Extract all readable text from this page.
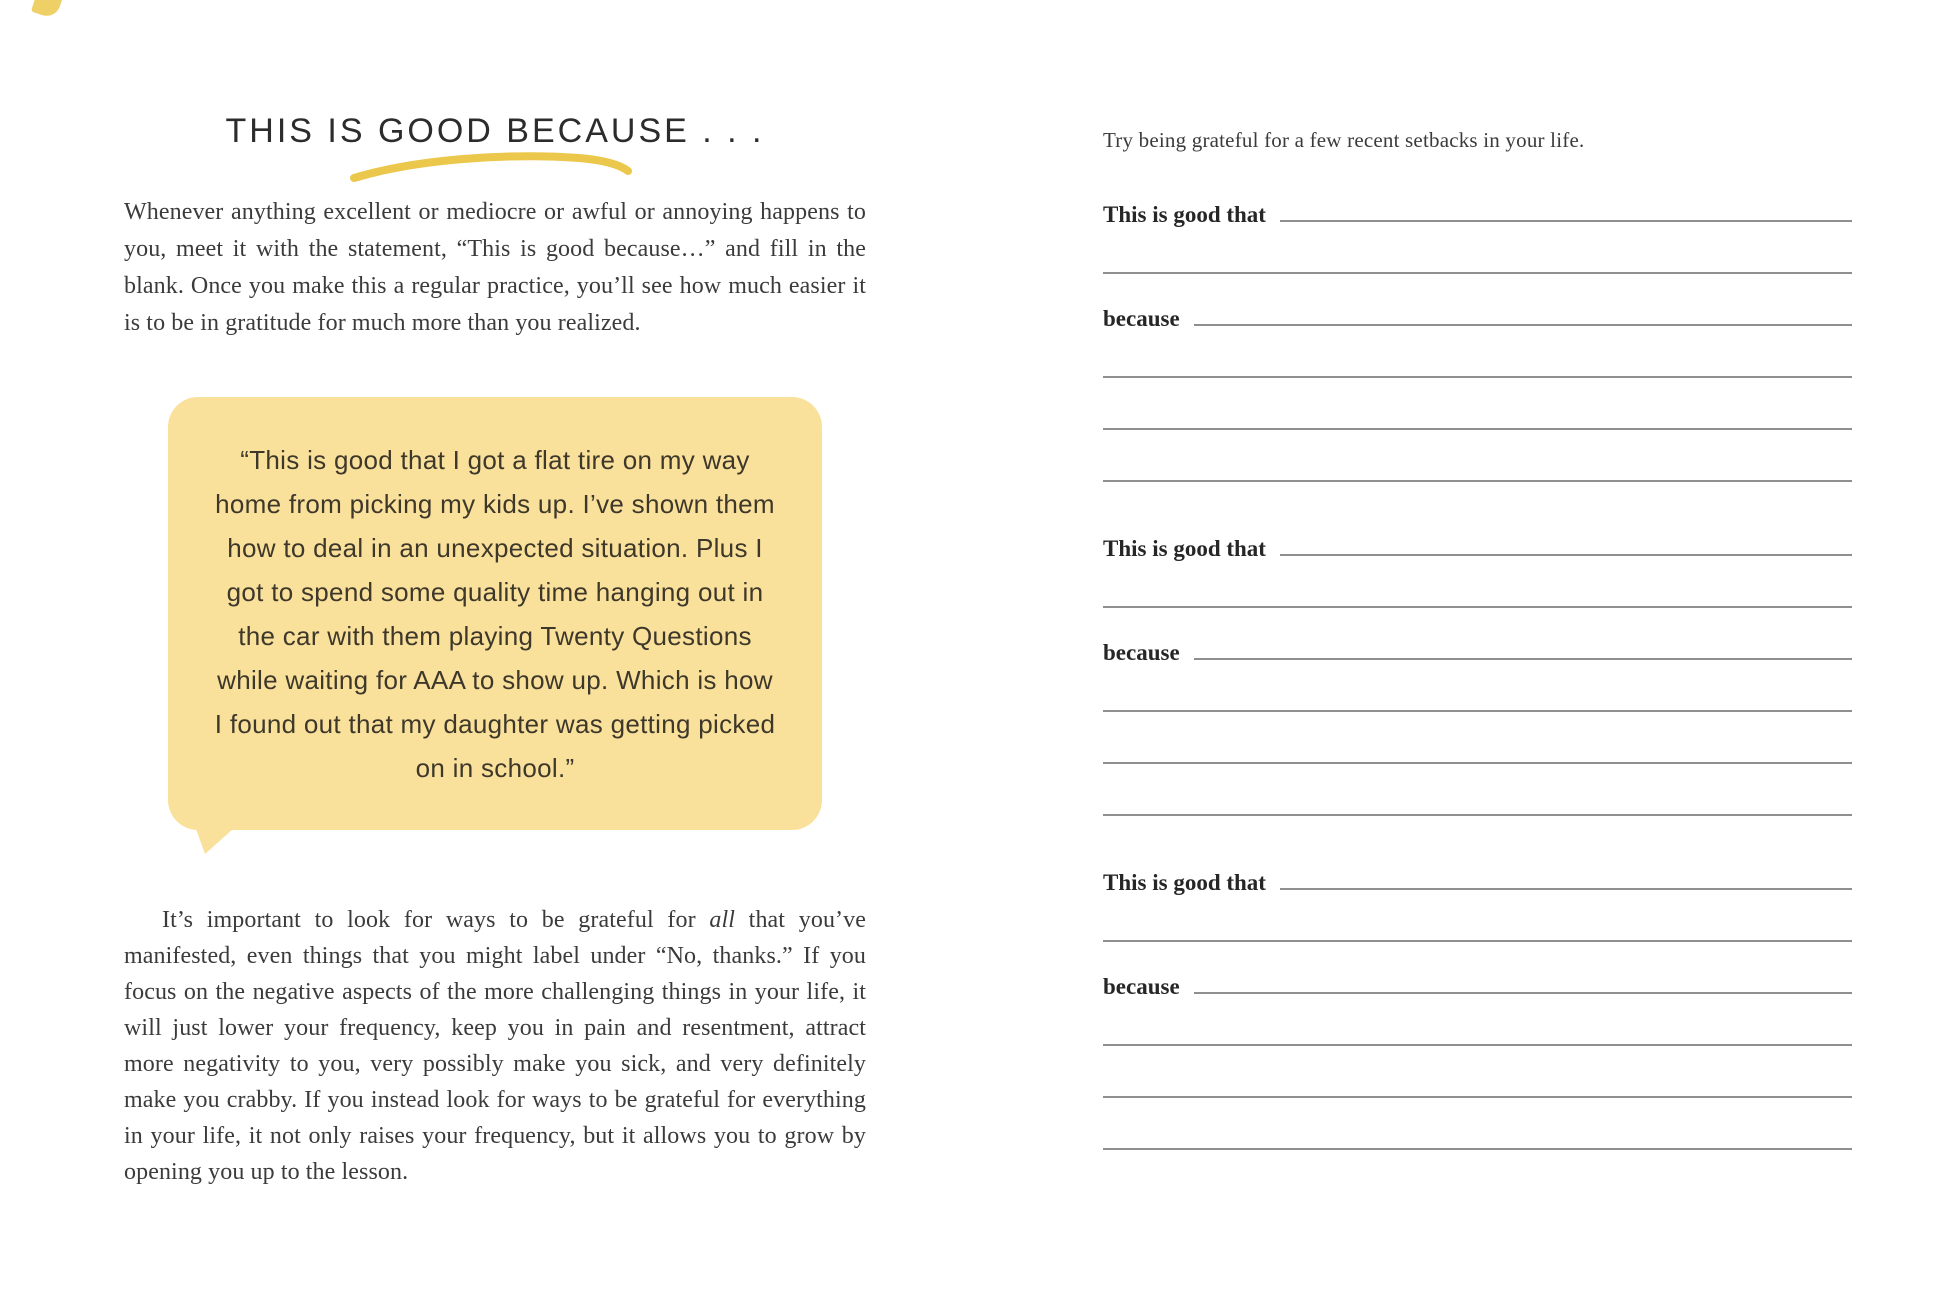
THIS IS GOOD BECAUSE . . .

Whenever anything excellent or mediocre or awful or annoying happens to you, meet it with the statement, “This is good because…” and fill in the blank. Once you make this a regular practice, you’ll see how much easier it is to be in gratitude for much more than you realized.

“This is good that I got a flat tire on my way home from picking my kids up. I’ve shown them how to deal in an unexpected situation. Plus I got to spend some quality time hanging out in the car with them playing Twenty Questions while waiting for AAA to show up. Which is how I found out that my daughter was getting picked on in school.”

It’s important to look for ways to be grateful for all that you’ve manifested, even things that you might label under “No, thanks.” If you focus on the negative aspects of the more challenging things in your life, it will just lower your frequency, keep you in pain and resentment, attract more negativity to you, very possibly make you sick, and very definitely make you crabby. If you instead look for ways to be grateful for everything in your life, it not only raises your frequency, but it allows you to grow by opening you up to the lesson.

Try being grateful for a few recent setbacks in your life.

This is good that
because
This is good that
because
This is good that
because
